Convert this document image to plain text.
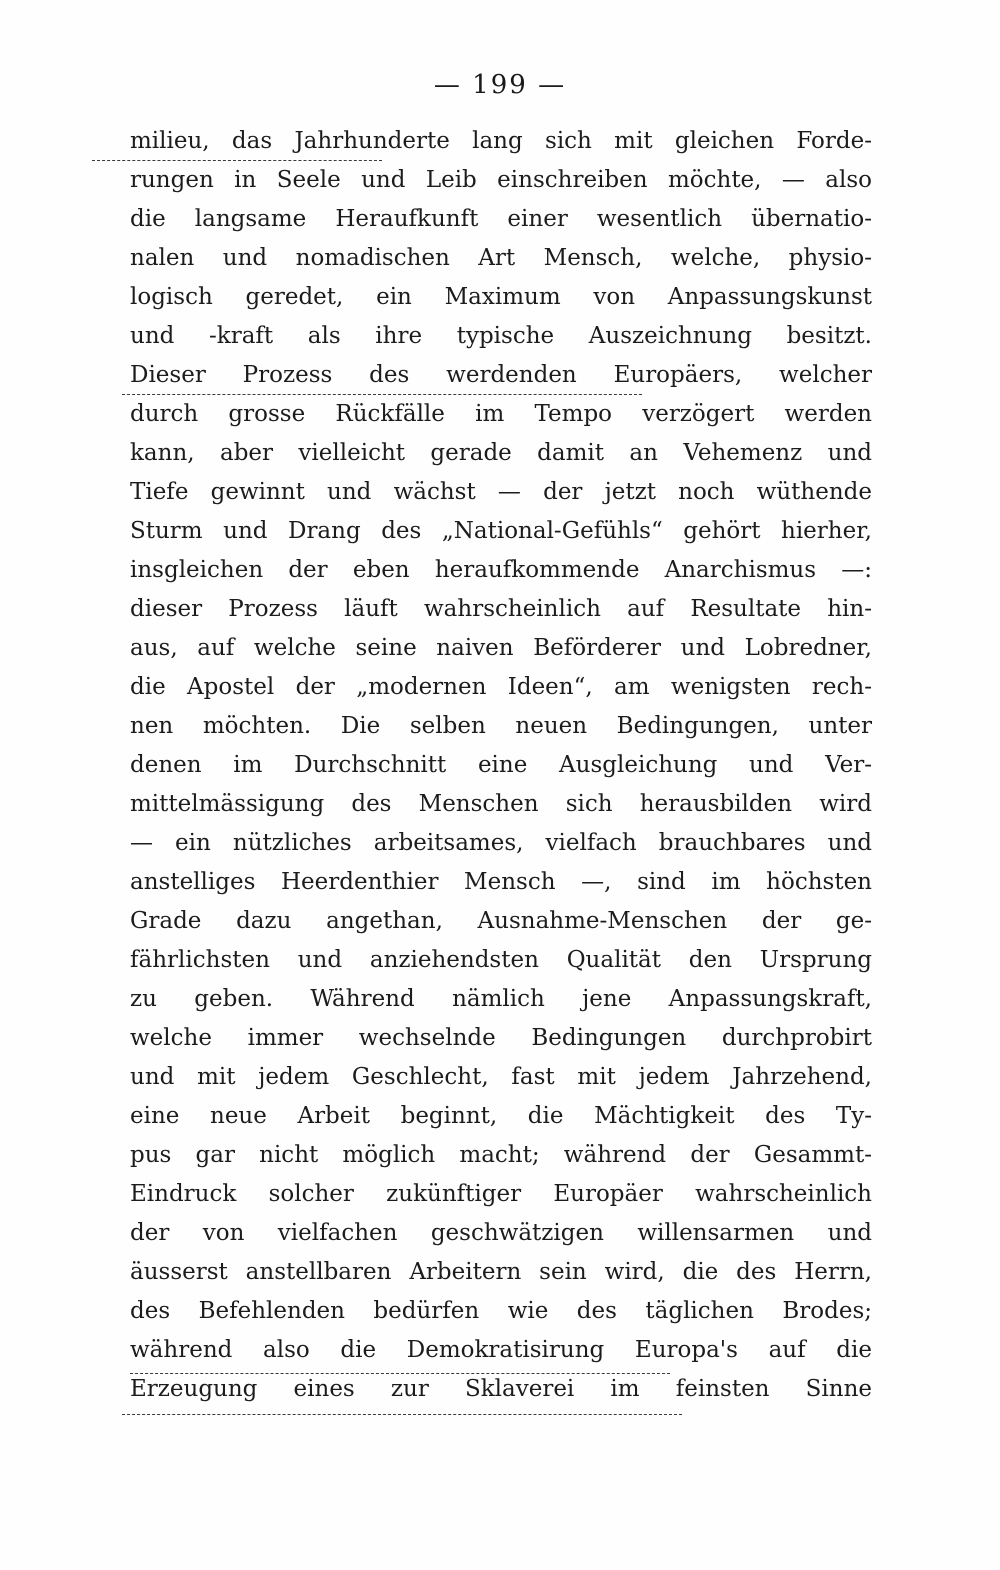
— 199 —
milieu, das Jahrhunderte lang sich mit gleichen Forde-
rungen in Seele und Leib einschreiben möchte, — also
die langsame Heraufkunft einer wesentlich übernatio-
nalen und nomadischen Art Mensch, welche, physio-
logisch geredet, ein Maximum von Anpassungskunst
und -kraft als ihre typische Auszeichnung besitzt.
Dieser Prozess des werdenden Europäers, welcher
durch grosse Rückfälle im Tempo verzögert werden
kann, aber vielleicht gerade damit an Vehemenz und
Tiefe gewinnt und wächst — der jetzt noch wüthende
Sturm und Drang des „National-Gefühls“ gehört hierher,
insgleichen der eben heraufkommende Anarchismus —:
dieser Prozess läuft wahrscheinlich auf Resultate hin-
aus, auf welche seine naiven Beförderer und Lobredner,
die Apostel der „modernen Ideen“, am wenigsten rech-
nen möchten. Die selben neuen Bedingungen, unter
denen im Durchschnitt eine Ausgleichung und Ver-
mittelmässigung des Menschen sich herausbilden wird
— ein nützliches arbeitsames, vielfach brauchbares und
anstelliges Heerdenthier Mensch —, sind im höchsten
Grade dazu angethan, Ausnahme-Menschen der ge-
fährlichsten und anziehendsten Qualität den Ursprung
zu geben. Während nämlich jene Anpassungskraft,
welche immer wechselnde Bedingungen durchprobirt
und mit jedem Geschlecht, fast mit jedem Jahrzehend,
eine neue Arbeit beginnt, die Mächtigkeit des Ty-
pus gar nicht möglich macht; während der Gesammt-
Eindruck solcher zukünftiger Europäer wahrscheinlich
der von vielfachen geschwätzigen willensarmen und
äusserst anstellbaren Arbeitern sein wird, die des Herrn,
des Befehlenden bedürfen wie des täglichen Brodes;
während also die Demokratisirung Europa's auf die
Erzeugung eines zur Sklaverei im feinsten Sinne
